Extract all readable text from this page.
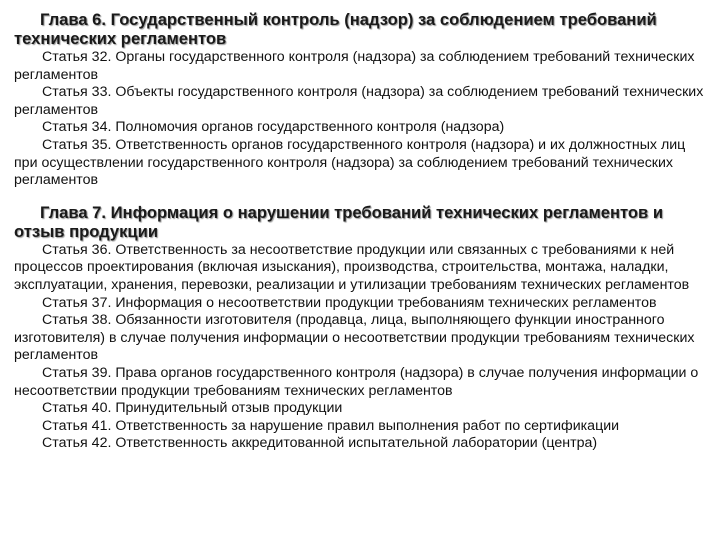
Глава 6. Государственный контроль (надзор) за соблюдением требований технических регламентов

Статья 32. Органы государственного контроля (надзора) за соблюдением требований технических регламентов

Статья 33. Объекты государственного контроля (надзора) за соблюдением требований технических регламентов

Статья 34. Полномочия органов государственного контроля (надзора)

Статья 35. Ответственность органов государственного контроля (надзора) и их должностных лиц при осуществлении государственного контроля (надзора) за соблюдением требований технических регламентов

Глава 7. Информация о нарушении требований технических регламентов и отзыв продукции

Статья 36. Ответственность за несоответствие продукции или связанных с требованиями к ней процессов проектирования (включая изыскания), производства, строительства, монтажа, наладки, эксплуатации, хранения, перевозки, реализации и утилизации требованиям технических регламентов

Статья 37. Информация о несоответствии продукции требованиям технических регламентов

Статья 38. Обязанности изготовителя (продавца, лица, выполняющего функции иностранного изготовителя) в случае получения информации о несоответствии продукции требованиям технических регламентов

Статья 39. Права органов государственного контроля (надзора) в случае получения информации о несоответствии продукции требованиям технических регламентов

Статья 40. Принудительный отзыв продукции

Статья 41. Ответственность за нарушение правил выполнения работ по сертификации

Статья 42. Ответственность аккредитованной испытательной лаборатории (центра)
